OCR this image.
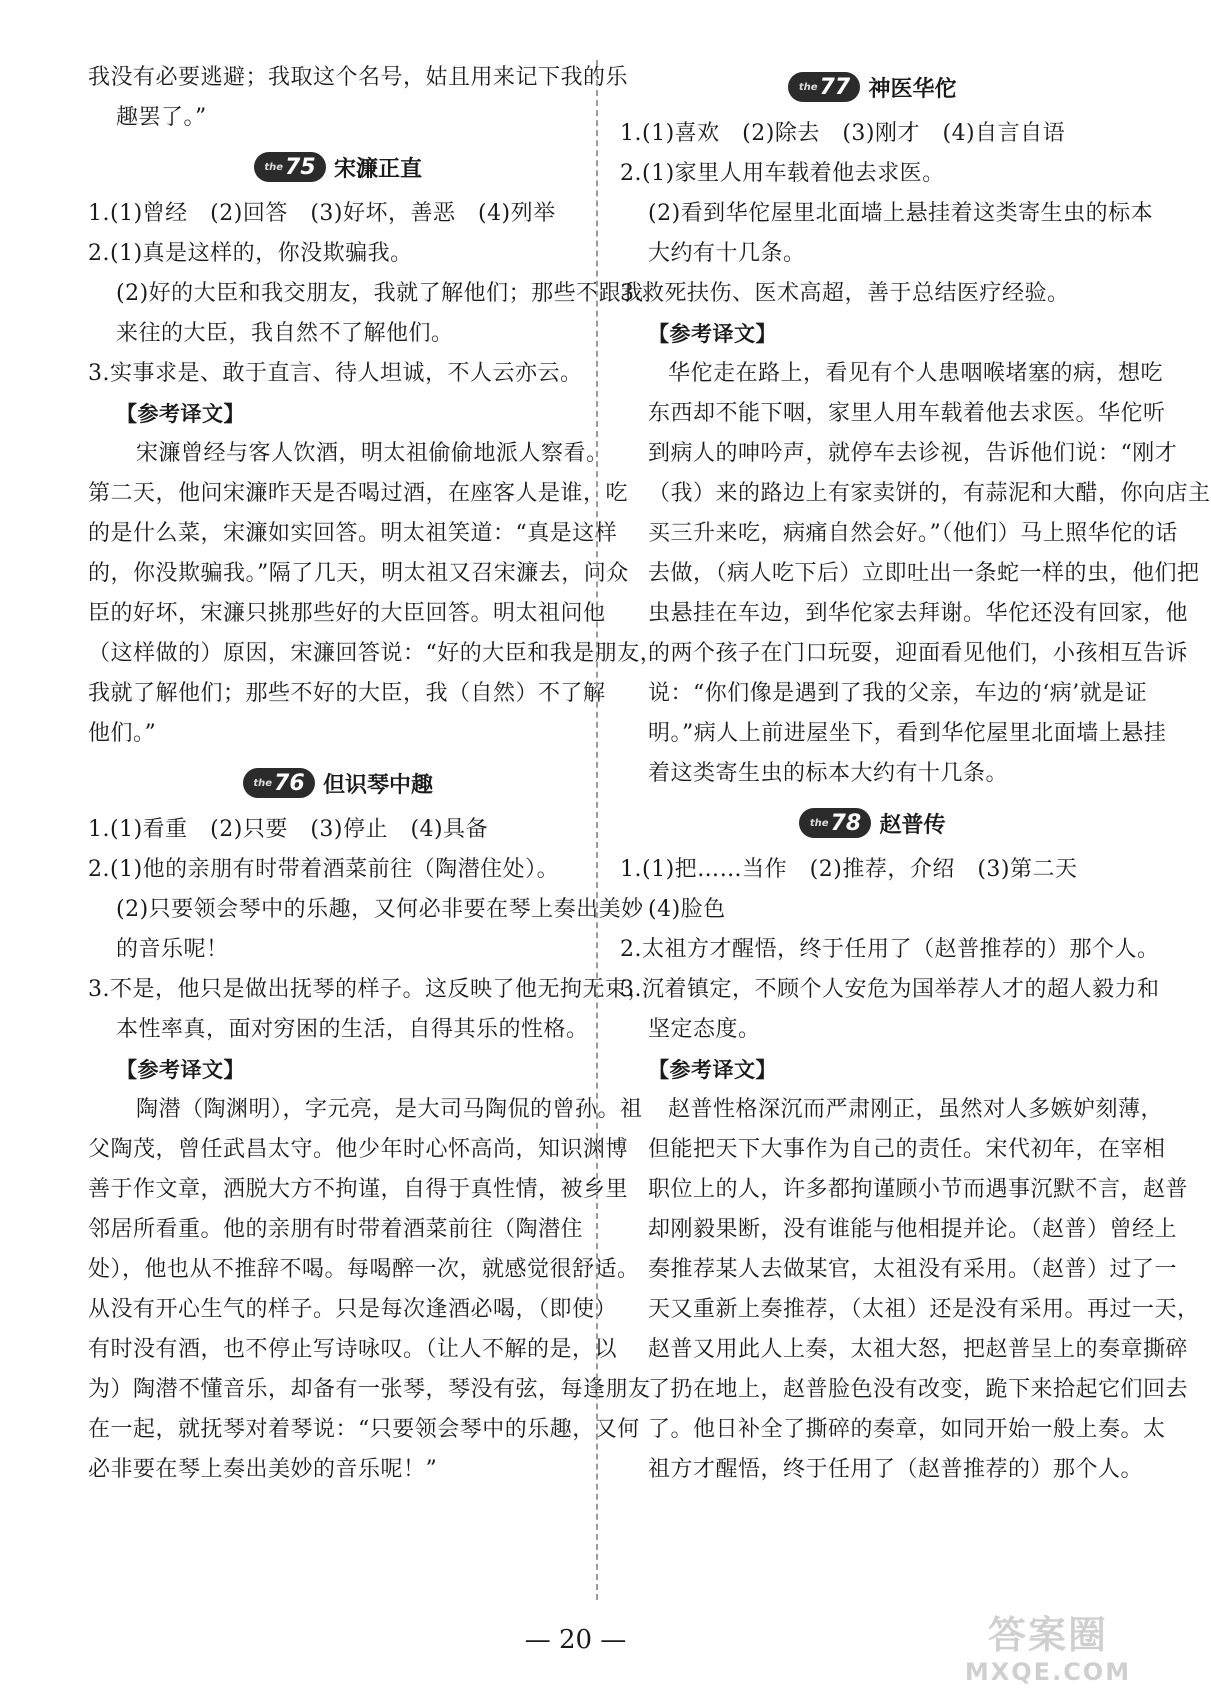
我没有必要逃避；我取这个名号，姑且用来记下我的乐
趣罢了。”
the 75 宋濂正直
1.(1)曾经　(2)回答　(3)好坏，善恶　(4)列举
2.(1)真是这样的，你没欺骗我。
(2)好的大臣和我交朋友，我就了解他们；那些不跟我
来往的大臣，我自然不了解他们。
3.实事求是、敢于直言、待人坦诚，不人云亦云。
【参考译文】
宋濂曾经与客人饮酒，明太祖偷偷地派人察看。
第二天，他问宋濂昨天是否喝过酒，在座客人是谁，吃
的是什么菜，宋濂如实回答。明太祖笑道：“真是这样
的，你没欺骗我。”隔了几天，明太祖又召宋濂去，问众
臣的好坏，宋濂只挑那些好的大臣回答。明太祖问他
（这样做的）原因，宋濂回答说：“好的大臣和我是朋友，
我就了解他们；那些不好的大臣，我（自然）不了解
他们。”
the 76 但识琴中趣
1.(1)看重　(2)只要　(3)停止　(4)具备
2.(1)他的亲朋有时带着酒菜前往（陶潜住处）。
(2)只要领会琴中的乐趣，又何必非要在琴上奏出美妙
的音乐呢！
3.不是，他只是做出抚琴的样子。这反映了他无拘无束，
本性率真，面对穷困的生活，自得其乐的性格。
【参考译文】
陶潜（陶渊明），字元亮，是大司马陶侃的曾孙。祖
父陶茂，曾任武昌太守。他少年时心怀高尚，知识渊博
善于作文章，洒脱大方不拘谨，自得于真性情，被乡里
邻居所看重。他的亲朋有时带着酒菜前往（陶潜住
处），他也从不推辞不喝。每喝醉一次，就感觉很舒适。
从没有开心生气的样子。只是每次逢酒必喝，（即使）
有时没有酒，也不停止写诗咏叹。（让人不解的是，以
为）陶潜不懂音乐，却备有一张琴，琴没有弦，每逢朋友
在一起，就抚琴对着琴说：“只要领会琴中的乐趣，又何
必非要在琴上奏出美妙的音乐呢！”
the 77 神医华佗
1.(1)喜欢　(2)除去　(3)刚才　(4)自言自语
2.(1)家里人用车载着他去求医。
(2)看到华佗屋里北面墙上悬挂着这类寄生虫的标本
大约有十几条。
3.救死扶伤、医术高超，善于总结医疗经验。
【参考译文】
华佗走在路上，看见有个人患咽喉堵塞的病，想吃
东西却不能下咽，家里人用车载着他去求医。华佗听
到病人的呻吟声，就停车去诊视，告诉他们说：“刚才
（我）来的路边上有家卖饼的，有蒜泥和大醋，你向店主
买三升来吃，病痛自然会好。”（他们）马上照华佗的话
去做，（病人吃下后）立即吐出一条蛇一样的虫，他们把
虫悬挂在车边，到华佗家去拜谢。华佗还没有回家，他
的两个孩子在门口玩耍，迎面看见他们，小孩相互告诉
说：“你们像是遇到了我的父亲，车边的‘病’就是证
明。”病人上前进屋坐下，看到华佗屋里北面墙上悬挂
着这类寄生虫的标本大约有十几条。
the 78 赵普传
1.(1)把……当作　(2)推荐，介绍　(3)第二天
(4)脸色
2.太祖方才醒悟，终于任用了（赵普推荐的）那个人。
3.沉着镇定，不顾个人安危为国举荐人才的超人毅力和
坚定态度。
【参考译文】
赵普性格深沉而严肃刚正，虽然对人多嫉妒刻薄，
但能把天下大事作为自己的责任。宋代初年，在宰相
职位上的人，许多都拘谨顾小节而遇事沉默不言，赵普
却刚毅果断，没有谁能与他相提并论。（赵普）曾经上
奏推荐某人去做某官，太祖没有采用。（赵普）过了一
天又重新上奏推荐，（太祖）还是没有采用。再过一天，
赵普又用此人上奏，太祖大怒，把赵普呈上的奏章撕碎
了扔在地上，赵普脸色没有改变，跪下来拾起它们回去
了。他日补全了撕碎的奏章，如同开始一般上奏。太
祖方才醒悟，终于任用了（赵普推荐的）那个人。
— 20 —	答案圈
MXQE.COM
